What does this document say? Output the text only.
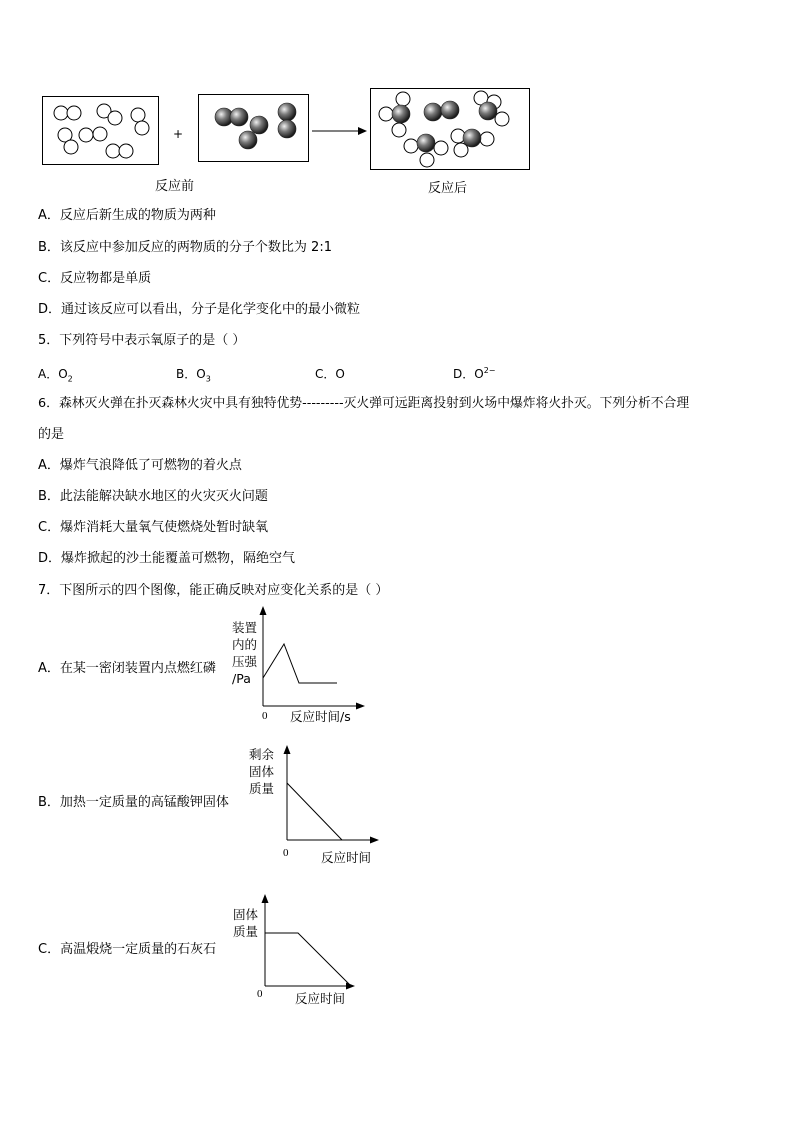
+
反应前	反应后
A．反应后新生成的物质为两种
B．该反应中参加反应的两物质的分子个数比为 2:1
C．反应物都是单质
D．通过该反应可以看出，分子是化学变化中的最小微粒
5．下列符号中表示氧原子的是（ ）
A．$O_2$	B．$O_3$	C．O	D．$O^{2-}$
6．森林灭火弹在扑灭森林火灾中具有独特优势---------灭火弹可远距离投射到火场中爆炸将火扑灭。下列分析不合理
的是
A．爆炸气浪降低了可燃物的着火点
B．此法能解决缺水地区的火灾灭火问题
C．爆炸消耗大量氧气使燃烧处暂时缺氧
D．爆炸掀起的沙土能覆盖可燃物，隔绝空气
7．下图所示的四个图像，能正确反映对应变化关系的是（ ）
A．在某一密闭装置内点燃红磷
装置
内的
压强
/Pa
0 反应时间/s
B．加热一定质量的高锰酸钾固体
剩余
固体
质量
0	反应时间
C．高温煅烧一定质量的石灰石
固体
质量
0	反应时间
